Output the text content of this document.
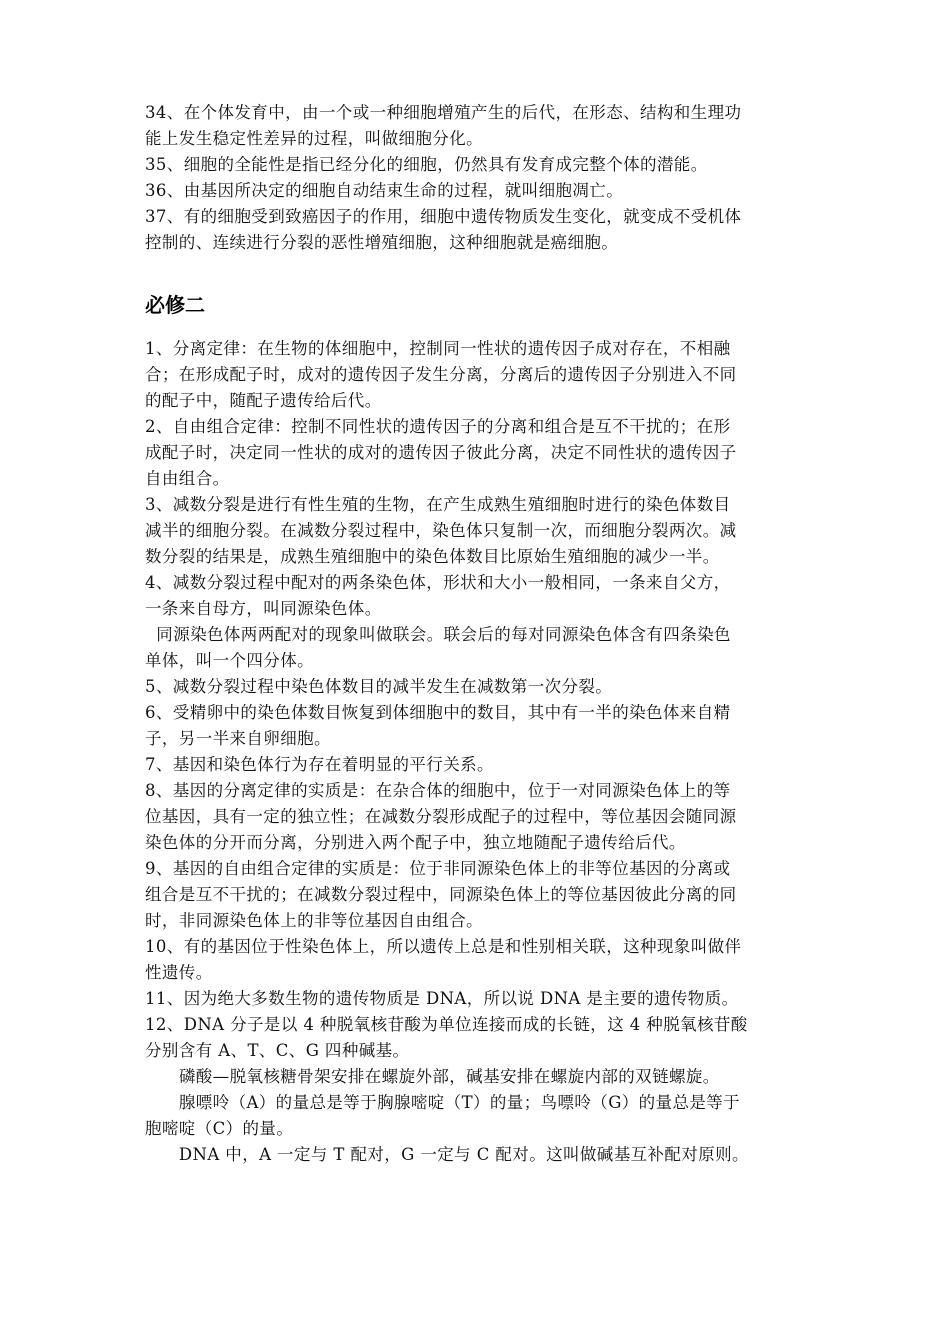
34、在个体发育中，由一个或一种细胞增殖产生的后代，在形态、结构和生理功
能上发生稳定性差异的过程，叫做细胞分化。
35、细胞的全能性是指已经分化的细胞，仍然具有发育成完整个体的潜能。
36、由基因所决定的细胞自动结束生命的过程，就叫细胞凋亡。
37、有的细胞受到致癌因子的作用，细胞中遗传物质发生变化，就变成不受机体
控制的、连续进行分裂的恶性增殖细胞，这种细胞就是癌细胞。
必修二
1、分离定律：在生物的体细胞中，控制同一性状的遗传因子成对存在，不相融
合；在形成配子时，成对的遗传因子发生分离，分离后的遗传因子分别进入不同
的配子中，随配子遗传给后代。
2、自由组合定律：控制不同性状的遗传因子的分离和组合是互不干扰的；在形
成配子时，决定同一性状的成对的遗传因子彼此分离，决定不同性状的遗传因子
自由组合。
3、减数分裂是进行有性生殖的生物，在产生成熟生殖细胞时进行的染色体数目
减半的细胞分裂。在减数分裂过程中，染色体只复制一次，而细胞分裂两次。减
数分裂的结果是，成熟生殖细胞中的染色体数目比原始生殖细胞的减少一半。
4、减数分裂过程中配对的两条染色体，形状和大小一般相同，一条来自父方，
一条来自母方，叫同源染色体。
同源染色体两两配对的现象叫做联会。联会后的每对同源染色体含有四条染色
单体，叫一个四分体。
5、减数分裂过程中染色体数目的减半发生在减数第一次分裂。
6、受精卵中的染色体数目恢复到体细胞中的数目，其中有一半的染色体来自精
子，另一半来自卵细胞。
7、基因和染色体行为存在着明显的平行关系。
8、基因的分离定律的实质是：在杂合体的细胞中，位于一对同源染色体上的等
位基因，具有一定的独立性；在减数分裂形成配子的过程中，等位基因会随同源
染色体的分开而分离，分别进入两个配子中，独立地随配子遗传给后代。
9、基因的自由组合定律的实质是：位于非同源染色体上的非等位基因的分离或
组合是互不干扰的；在减数分裂过程中，同源染色体上的等位基因彼此分离的同
时，非同源染色体上的非等位基因自由组合。
10、有的基因位于性染色体上，所以遗传上总是和性别相关联，这种现象叫做伴
性遗传。
11、因为绝大多数生物的遗传物质是 DNA，所以说 DNA 是主要的遗传物质。
12、DNA 分子是以 4 种脱氧核苷酸为单位连接而成的长链，这 4 种脱氧核苷酸
分别含有 A、T、C、G 四种碱基。
磷酸—脱氧核糖骨架安排在螺旋外部，碱基安排在螺旋内部的双链螺旋。
腺嘌呤（A）的量总是等于胸腺嘧啶（T）的量；鸟嘌呤（G）的量总是等于
胞嘧啶（C）的量。
DNA 中，A 一定与 T 配对，G 一定与 C 配对。这叫做碱基互补配对原则。
